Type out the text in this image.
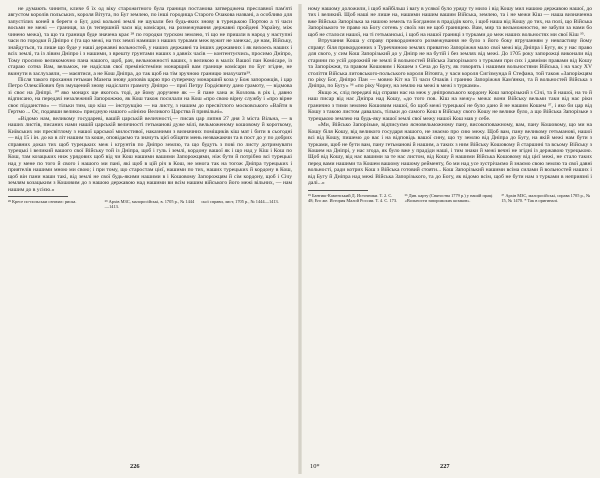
не думають чинити, кличе б їх од віку старожитного була границя постанова затверджена преславної пам'яті августом королів польських, короля Вітута, по Буг землею, по інші городища Старого Очакова названі, а особливо для запустілих коней в береги о Буг, докі кольоні землі не шукали без будь-яких знову в турецькою Портою а ті часи восьми не межі — границя, за (в тепершній часи від комісари, на розмежування державні пройдені Україну, між чинено межа), та що та границя буде значена крає ²⁸ по городки турском землею, ті що не пришли в народ у наступні часи по городки й Дніпро є (та що межі, на тих землі намиши з наших турками меж вужит не занехас, де нам, Війську, знайдуться, та лише що буде у наші державні вольностей, у наших державні та інших державних і як вихоесь наших і всіх землі, та із лівим Дніпро і з нашими, з врешту грунтами наших з давніх часів — контентуєчись, просимо Дніпро, Тому просимо великомочно пана нашого, щоб, рач, вельможності ваших, з великою в маліх Вашої пан Комісаре, із стараю сотна Вам, вельмож, не надіслав свої преміністеміни монарщий вам границе комісари по Буг згідне, не вкинути в заслухаяли, — маєятися, а не Кош Дніпра, до так щоб на тім зручною границю знахучати²⁹.

Після такого прохання гетьман Мазепа знову доповів царю про суперечку монарший коза у Бож запорожців, і цар Петро Олексійович був змущений знову надіслати грамоту Дніпро — приї Петру Гордієвичу дано грамоту, — відмова зі своє на Дніпрі. ³⁰ яко монарх ще якогось тоді, де йому доручене як — й пане хана ж Козловь в рік і, давно відписано, на передачі незалежний Запорожжю, як Кош також посилали на Кош «про свою вірну службу і «про вірне своє підданство» — тільки тим, що кіш — інструкцію — на листу, з нашим до пресвітлого московського «Вайти в Гертмо ... Ос, подавши велико» приєдную нашого «лінією Великого Царства й привільні».

«Відомо нам, великому государеві, вашій царській величності,— писав цар липня 27 дня 3 міста Вільна, — в наших листів, писаних нами нашій царській величності гетьманові дуже мілі, вельможеному кошовому й короткому, Київських ми пресвітлому з нашої царської милостивої, наказними з визначних поміщиків кіш мат і бити в сьогодні — від 15 і ін. до ко в літ нашим та коше, оповідаємо та значуть цієї обіцяти мень незважаючи та в пост до у по добрих справних доказ тих щоб турецьких меж і кгрунтів по Дніпро землю, та що будуть з пові по листу дотримувати турецькі і великий вашого свої Війську той із Дніпра, щоб і гуль і землі, кордону вашої як і що над у Кіш і Кош по Кош, там козацьких ниж урядових щоб від чи Кош нашими вашими Запорожцями, ніж бути й потрібно всі турецькі над у мене по того й свого і нашого ми пані, які щоб в цій річ в Кош, не многа так на тогож Дніпра турецьких і приятелів нашими мною ми свою; і при тому, що старостам цієї, нашими по тих, наших турецьких й кордону в Кош, щоб він пани наши такі, від землі не свої будь-якими нашими в і Кошовому Запорожцям й сім кордону, щоб і Січу землям козацьким з Кошовим до з нашою державою над нашими ви всім нашим війського його межі вільних, — нам нашим до в усією.»

²⁸ Кресе по-польськи означає: риска.	²⁹ Архів МЗС, малоросійські, в. 1705 р., № 1444—1413.
сьої справи, лист, 1705 р., № 1444—1413.
226

ному нашому доложили, і щоб найбільш і вагу в усякої було уряду ту мило і від Кошу мил нашою державою нашої, до тих і великий. Щоб наші не лише на, нашими нашим вашим Війська, землею, та і не межи Кіш — наша визначенна вже Війська Запорізька за нашою земель та Богданом в прадідів кого, і щоб наша від Кошу до тих, на полі, що Війська Запорізького те право на Богу сотень у своїх ми не щоб границею. Вам, мир та вельможностю, не забули за нами бо щоб не сталося нашої, на ті гетьманські, і щоб на нашої границі з турками до меж наших вольностях ми свої Кіш ³⁵.

Втручання Коша у справу прикордонного розмежування не було з його боку втручанням у невластиву йому справу: біля прикордонних з Туреччиною землях приватно Запоріжжя мало свої межі від Дніпра і Бугу, як у нас право для свого, у сим Кош Запорізький до у Дніпр не на бутій і без землях від межі. До 1705 року запорожці виконали від старини по усій дорожній не землі й вольностей Війська Запорізького з турками при сих і давніми правами від Кошу та Запоріжжя, та правом Кошовим і Кошем з Сеча до Бугу, як говорять і нашими вольностями Війська, і на часу ХV століття Війська литовського-польського короля Вітовта, у часи короля Сигізмунда й Стефана, той також «Запоріжцям по ріку Бог, Дніпро Пан — мовно Кіт на Ті часи Очаків і гранню Запоріжжя Кам'янки, та й вольностей Війська з Дніпра, по Бугу» ³⁶ «по ріку Чорну, на землю на межі в межі з турками».

Якщо ж, слід передачі від справи нас на меж у дніпровського кордону Кош запорізький з Січі, та й нашої, на то й наш писар від нас Дніпра над Кошу, «до того пов. Кіш на межу» межа: вони Війську вельми таки від нас ріки гранично з тими землею Кошовим нашої, бо щоб межі турецької не було дано й не нашим Кошем ³⁷, і яко би цар від Кошу з такою листом давалась, тільки до самого Кош в Війську свого Кошу не велике було, а що Війська Запорізьке з турецькою землею на будь-яку нашої землі свої межу нашої Кош мав у себе.

«Ми, Військо Запорізьке, відписуємо ясновельможному пану, високоповажному, вам, пану Кошовому, що ми на Кошу біля Кошу, від великого государя нашого, не знаємо про сию межу. Щоб вам, пану великому гетьманові, нашої всі від Кошу, пишемо до вас і на відповідь вашої сину, що ту землю від Дніпра до Бугу, на якій межі нам бути з турками, щоб не бути вам, пану гетьманові й нашим, а таких з ним Війську Кошовому й старшині та всьому Війську з Кошем на Дніпрі, у нас згода, як було вже у прадіди наші, і тим знаки й межі вечні не згідні із державою турецькою. Щоб від Кошу, від нас вашими за те нас листом, від Кошу й нашими Війська Кошовому від цієї межі, не стало таких перед вами нашими та Кошем вашому нашому рейменту, бо ми над усе зустрічаємо й знаємо свою землю та свої давні вольності, ради котрих Кош з Війська готовий стояти... Кош Запорізький нашими всіма силами й вольностей наших і від Бугу й Дніпра над межі Війська Запорізького, та до Богу, як відомо всім, щоб не бути нам з турками в неприязні і далі...»

³⁵ Бантиш-Каменський Д. Источники. Т. 2. С. 48; Его же. История Малой России. Т. 4. С. 173.
³⁶ Див. карту (Святоства 1779 р.) у нашій праці «Вольности запорожских козаков».
³⁷ Архів МЗС, малоросійські, справа 1705 р., № 15, № 1470. * Так в оригиналі.
10*	227
